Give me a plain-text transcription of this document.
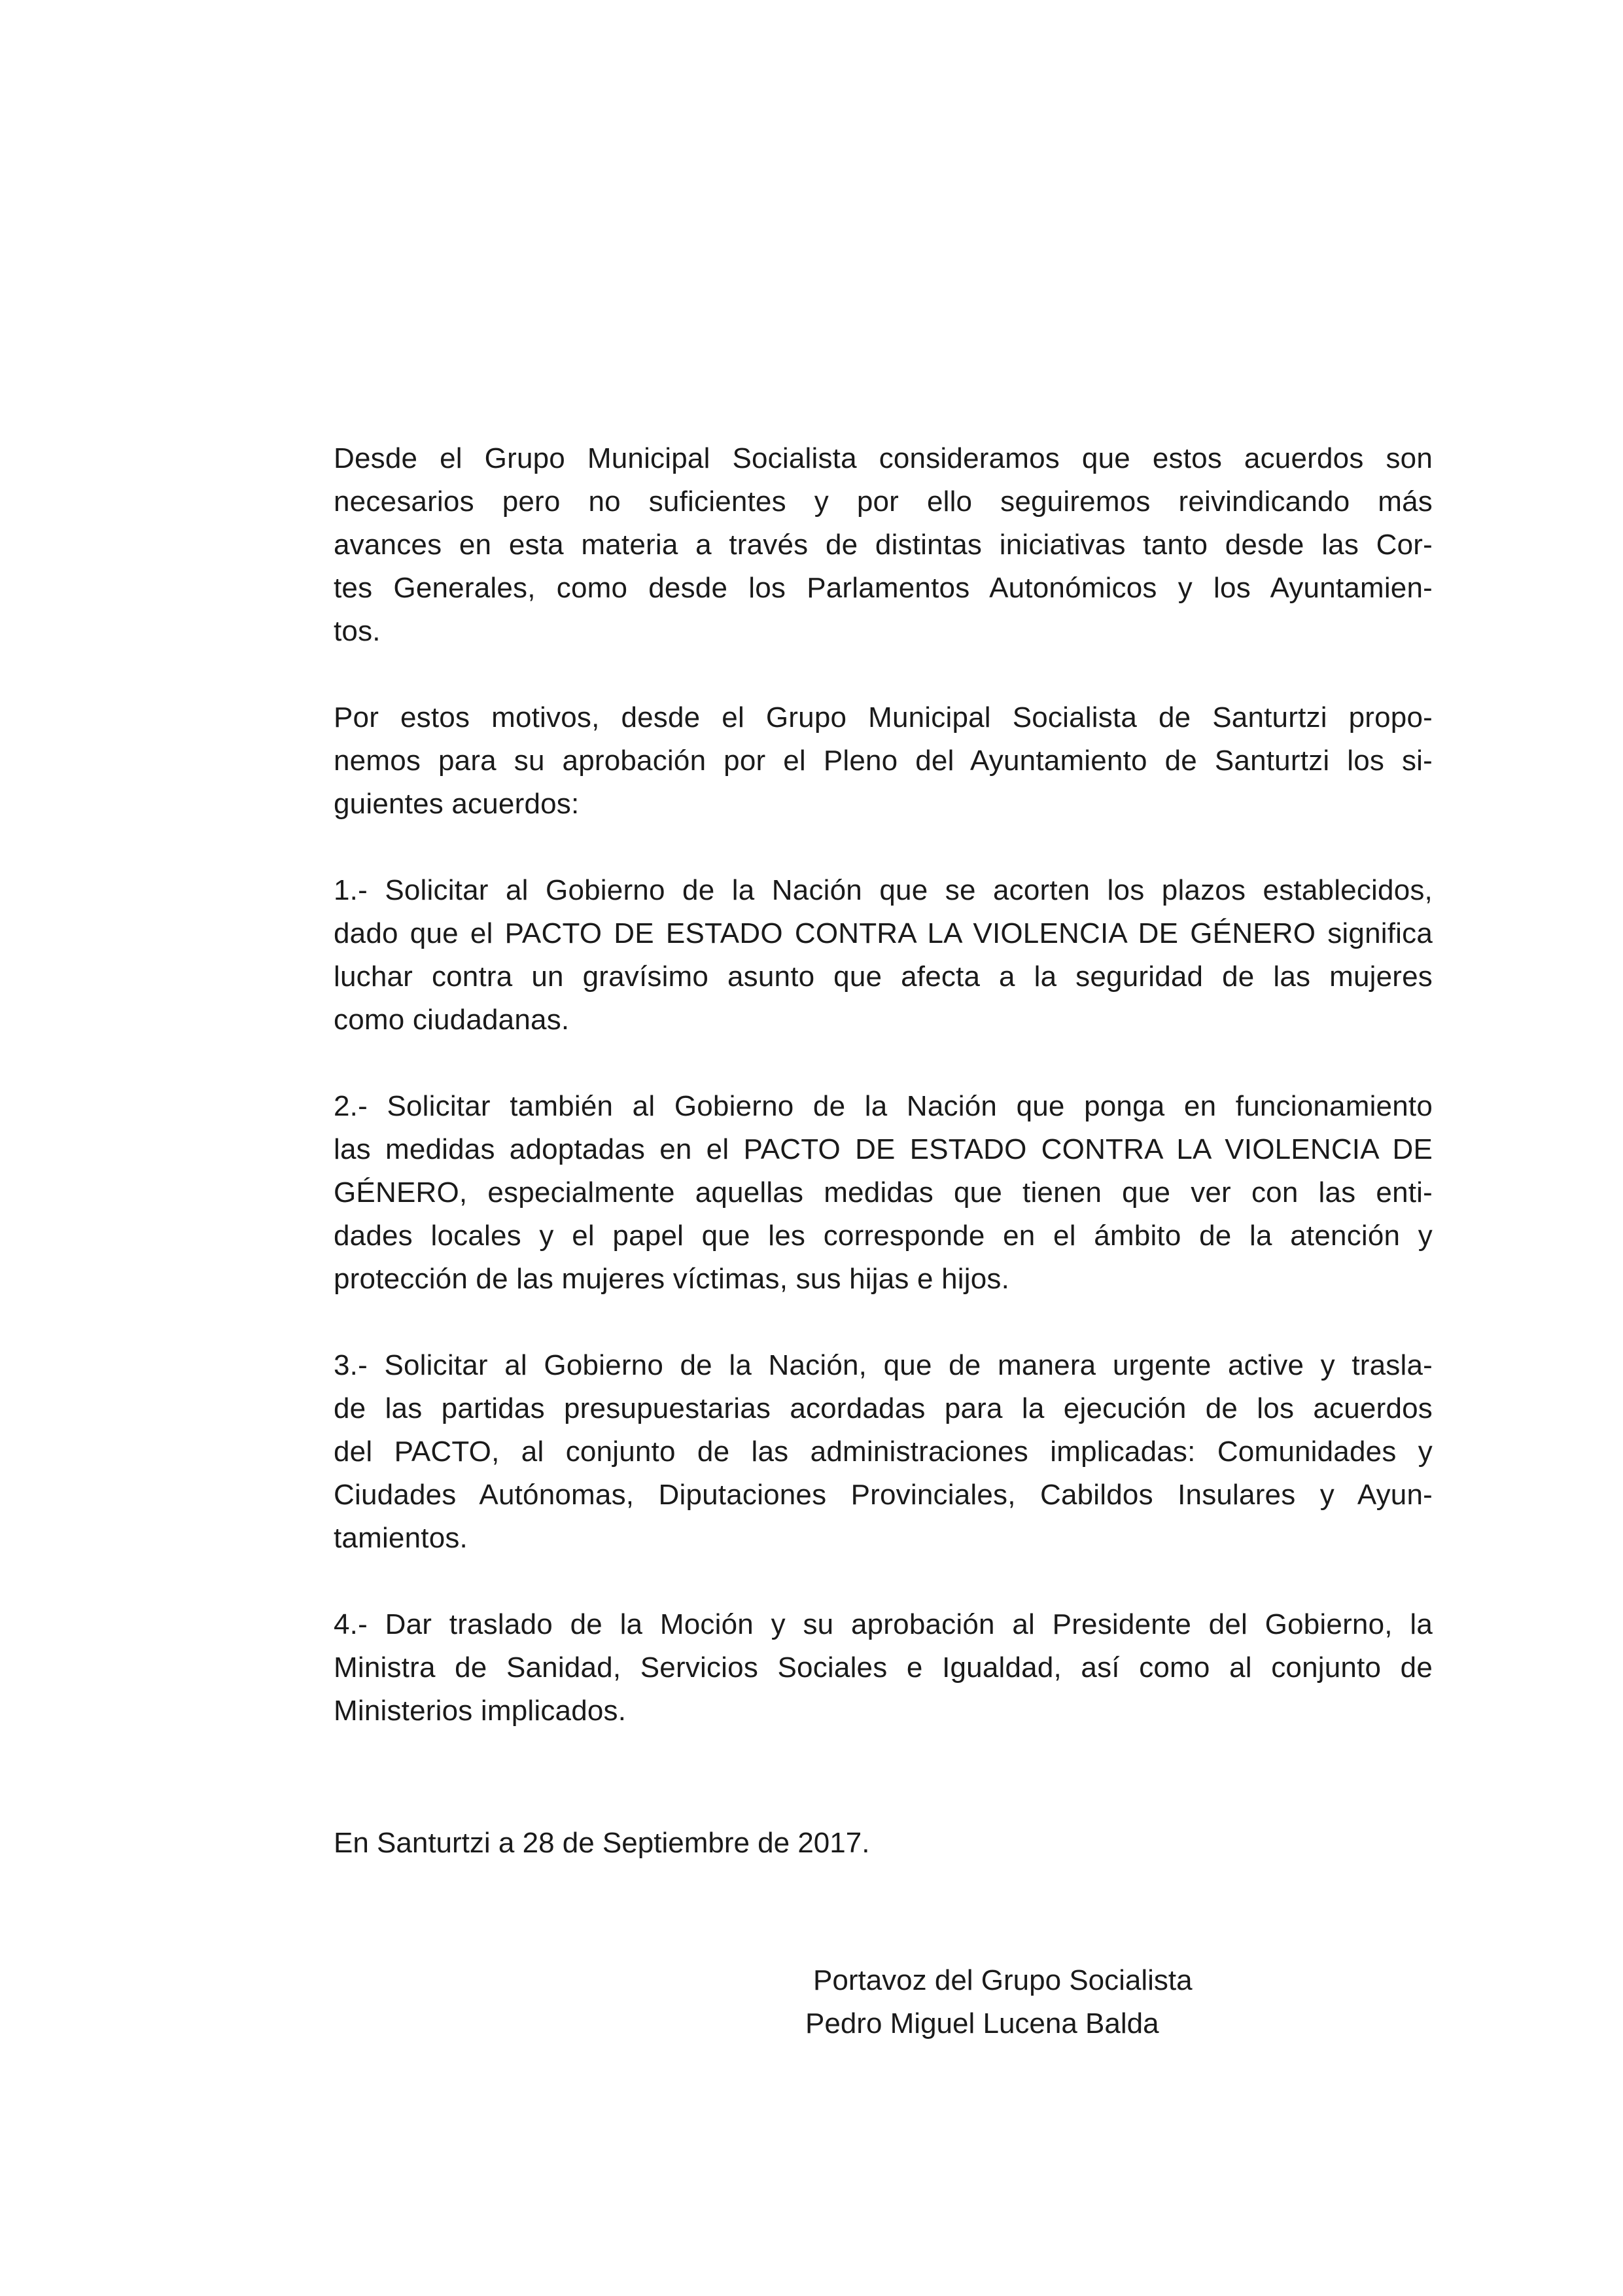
Desde el Grupo Municipal Socialista consideramos que estos acuerdos son
necesarios pero no suficientes y por ello seguiremos reivindicando más
avances en esta materia a través de distintas iniciativas tanto desde las Cor-
tes Generales, como desde los Parlamentos Autonómicos y los Ayuntamien-
tos.

Por estos motivos, desde el Grupo Municipal Socialista de Santurtzi propo-
nemos para su aprobación por el Pleno del Ayuntamiento de Santurtzi los si-
guientes acuerdos:

1.- Solicitar al Gobierno de la Nación que se acorten los plazos establecidos,
dado que el PACTO DE ESTADO CONTRA LA VIOLENCIA DE GÉNERO significa
luchar contra un gravísimo asunto que afecta a la seguridad de las mujeres
como ciudadanas.

2.- Solicitar también al Gobierno de la Nación que ponga en funcionamiento
las medidas adoptadas en el PACTO DE ESTADO CONTRA LA VIOLENCIA DE
GÉNERO, especialmente aquellas medidas que tienen que ver con las enti-
dades locales y el papel que les corresponde en el ámbito de la atención y
protección de las mujeres víctimas, sus hijas e hijos.

3.- Solicitar al Gobierno de la Nación, que de manera urgente active y trasla-
de las partidas presupuestarias acordadas para la ejecución de los acuerdos
del PACTO, al conjunto de las administraciones implicadas: Comunidades y
Ciudades Autónomas, Diputaciones Provinciales, Cabildos Insulares y Ayun-
tamientos.

4.- Dar traslado de la Moción y su aprobación al Presidente del Gobierno, la
Ministra de Sanidad, Servicios Sociales e Igualdad, así como al conjunto de
Ministerios implicados.

En Santurtzi a 28 de Septiembre de 2017.
Portavoz del Grupo Socialista
Pedro Miguel Lucena Balda
